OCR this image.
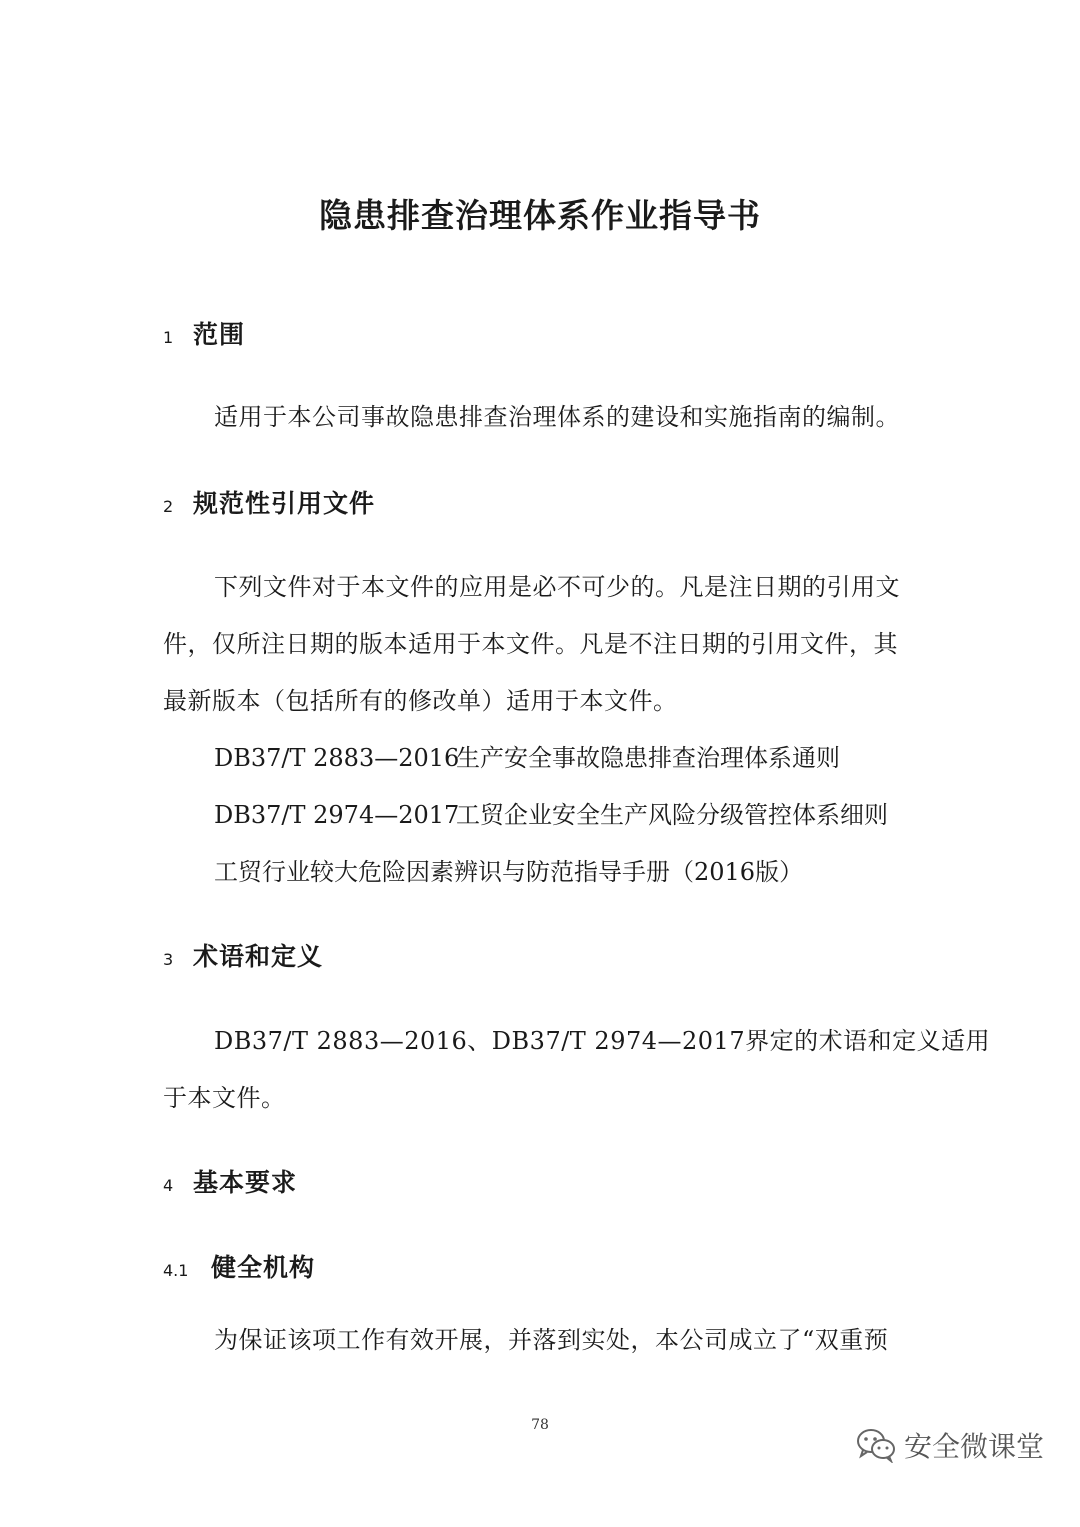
隐患排查治理体系作业指导书
1 范围
适用于本公司事故隐患排查治理体系的建设和实施指南的编制。
2 规范性引用文件
下列文件对于本文件的应用是必不可少的。凡是注日期的引用文
件，仅所注日期的版本适用于本文件。凡是不注日期的引用文件，其
最新版本（包括所有的修改单）适用于本文件。
DB37/T 2883—2016生产安全事故隐患排查治理体系通则
DB37/T 2974—2017工贸企业安全生产风险分级管控体系细则
工贸行业较大危险因素辨识与防范指导手册（2016版）
3 术语和定义
DB37/T 2883—2016、DB37/T 2974—2017界定的术语和定义适用
于本文件。
4 基本要求
4.1 健全机构
为保证该项工作有效开展，并落到实处，本公司成立了“双重预
78
安全微课堂
